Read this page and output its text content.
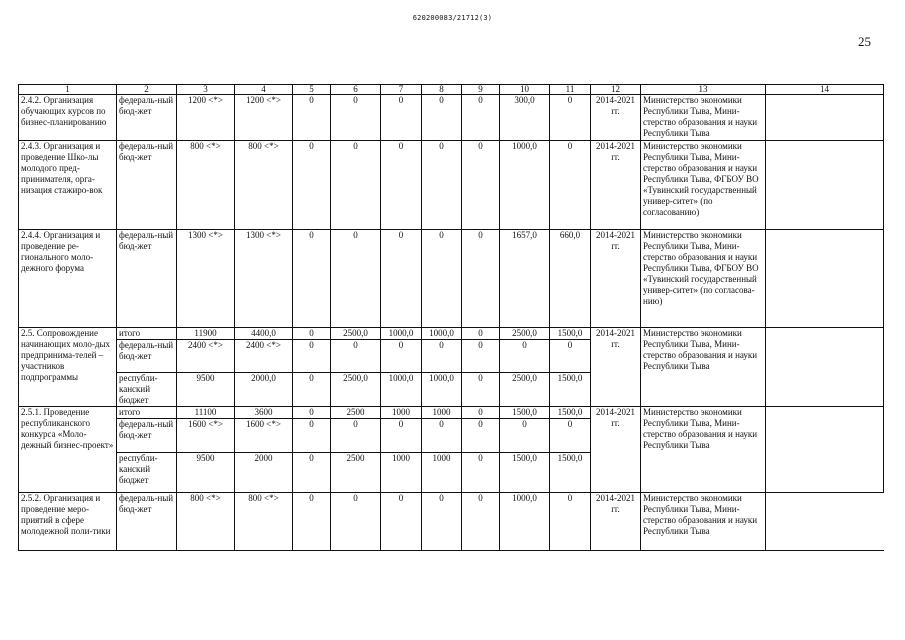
620200083/21712(3)
25
1	2	3	4	5	6	7	8	9	10	11	12	13	14
2.4.2. Организация обучающих курсов по бизнес-планированию	федераль-ный бюд-жет	1200 <*>	1200 <*>	0	0	0	0	0	300,0	0	2014-2021 гг.	Министерство экономики Республики Тыва, Мини-стерство образования и науки Республики Тыва	
2.4.3. Организация и проведение Шко-лы молодого пред-принимателя, орга-низация стажиро-вок	федераль-ный бюд-жет	800 <*>	800 <*>	0	0	0	0	0	1000,0	0	2014-2021 гг.	Министерство экономики Республики Тыва, Мини-стерство образования и науки Республики Тыва, ФГБОУ ВО «Тувинский государственный универ-ситет» (по согласованию)	
2.4.4. Организация и проведение ре-гионального моло-дежного форума	федераль-ный бюд-жет	1300 <*>	1300 <*>	0	0	0	0	0	1657,0	660,0	2014-2021 гг.	Министерство экономики Республики Тыва, Мини-стерство образования и науки Республики Тыва, ФГБОУ ВО «Тувинский государственный универ-ситет» (по согласова-нию)	
2.5. Сопровождение начинающих моло-дых предпринима-телей – участников подпрограммы	итого	11900	4400,0	0	2500,0	1000,0	1000,0	0	2500,0	1500,0	2014-2021 гг.	Министерство экономики Республики Тыва, Мини-стерство образования и науки Республики Тыва	
	федераль-ный бюд-жет	2400 <*>	2400 <*>	0	0	0	0	0	0	0			
	республи-канский бюджет	9500	2000,0	0	2500,0	1000,0	1000,0	0	2500,0	1500,0			
2.5.1. Проведение республиканского конкурса «Моло-дежный бизнес-проект»	итого	11100	3600	0	2500	1000	1000	0	1500,0	1500,0	2014-2021 гг.	Министерство экономики Республики Тыва, Мини-стерство образования и науки Республики Тыва	
	федераль-ный бюд-жет	1600 <*>	1600 <*>	0	0	0	0	0	0	0			
	республи-канский бюджет	9500	2000	0	2500	1000	1000	0	1500,0	1500,0			
2.5.2. Организация и проведение меро-приятий в сфере молодежной поли-тики	федераль-ный бюд-жет	800 <*>	800 <*>	0	0	0	0	0	1000,0	0	2014-2021 гг.	Министерство экономики Республики Тыва, Мини-стерство образования и науки Республики Тыва	
